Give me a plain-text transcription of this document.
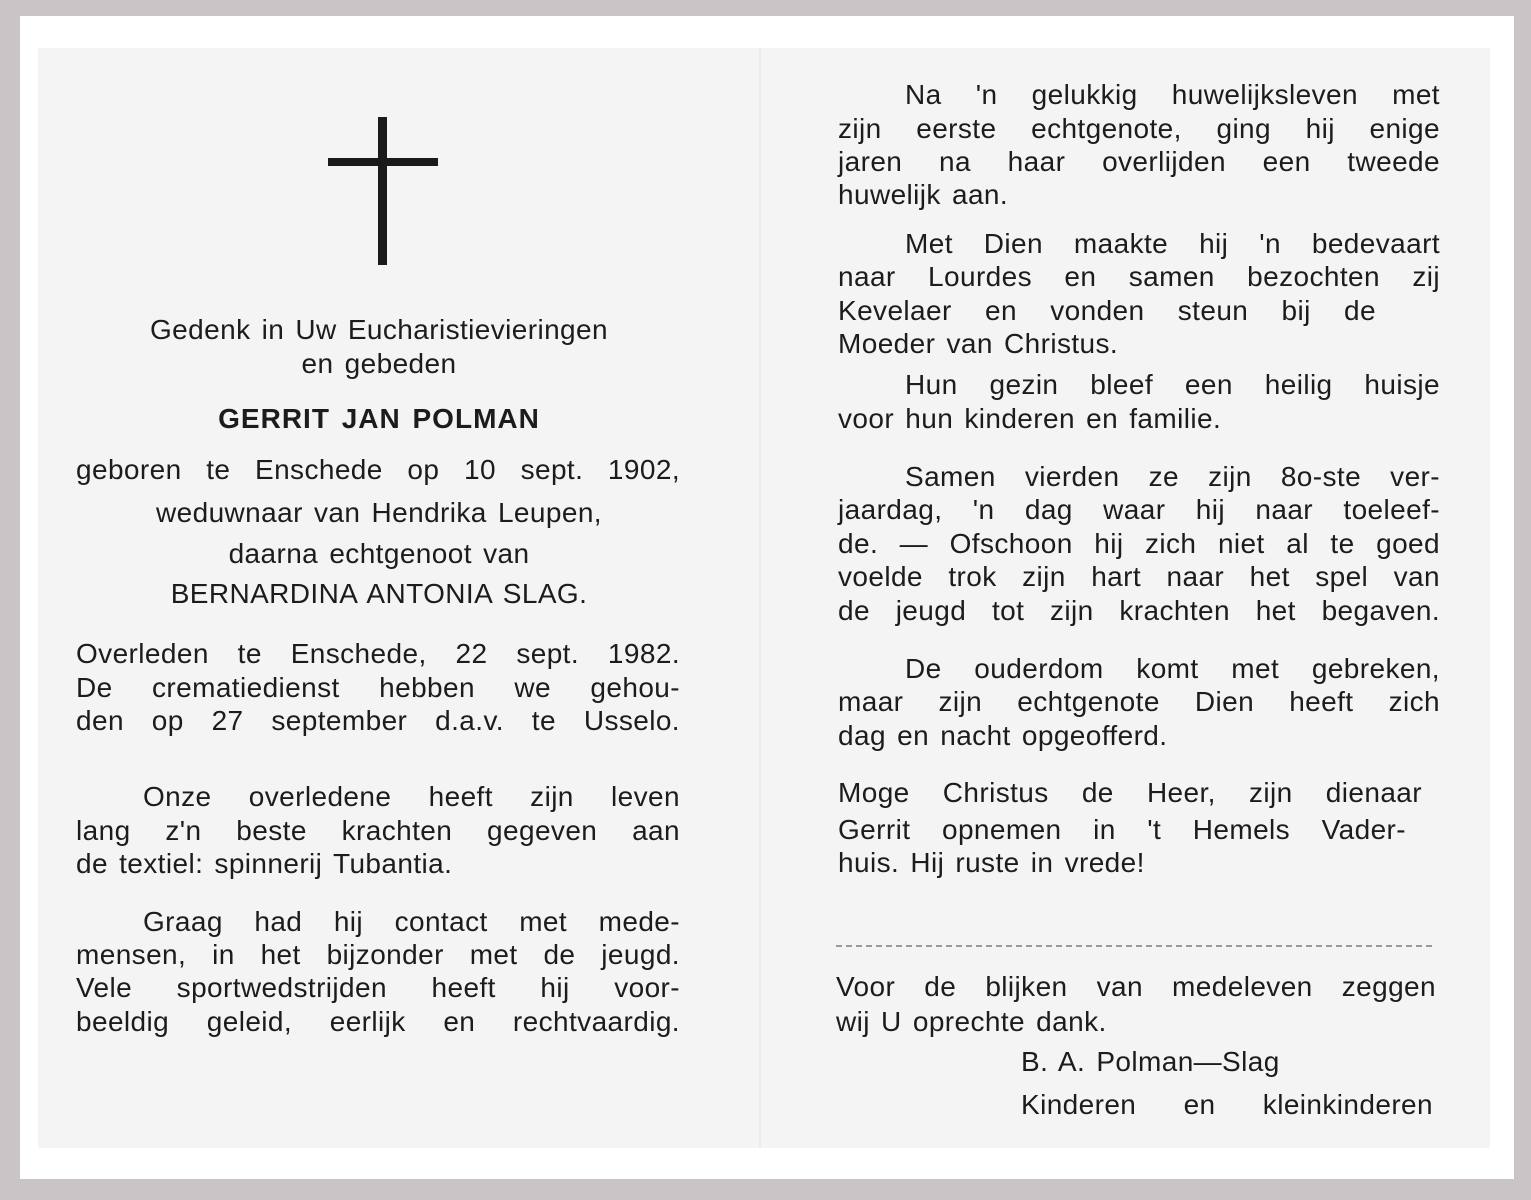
Gedenk in Uw Eucharistievieringen
en gebeden
GERRIT JAN POLMAN
geboren te Enschede op 10 sept. 1902,
weduwnaar van Hendrika Leupen,
daarna echtgenoot van
BERNARDINA ANTONIA SLAG.
Overleden te Enschede, 22 sept. 1982.
De crematiedienst hebben we gehou-
den op 27 september d.a.v. te Usselo.
Onze overledene heeft zijn leven
lang z'n beste krachten gegeven aan
de textiel: spinnerij Tubantia.
Graag had hij contact met mede-
mensen, in het bijzonder met de jeugd.
Vele sportwedstrijden heeft hij voor-
beeldig geleid, eerlijk en rechtvaardig.
Na 'n gelukkig huwelijksleven met
zijn eerste echtgenote, ging hij enige
jaren na haar overlijden een tweede
huwelijk aan.
Met Dien maakte hij 'n bedevaart
naar Lourdes en samen bezochten zij
Kevelaer en vonden steun bij de
Moeder van Christus.
Hun gezin bleef een heilig huisje
voor hun kinderen en familie.
Samen vierden ze zijn 8o-ste ver-
jaardag, 'n dag waar hij naar toeleef-
de. — Ofschoon hij zich niet al te goed
voelde trok zijn hart naar het spel van
de jeugd tot zijn krachten het begaven.
De ouderdom komt met gebreken,
maar zijn echtgenote Dien heeft zich
dag en nacht opgeofferd.
Moge Christus de Heer, zijn dienaar
Gerrit opnemen in 't Hemels Vader-
huis. Hij ruste in vrede!
Voor de blijken van medeleven zeggen
wij U oprechte dank.
B. A. Polman—Slag
Kinderen en kleinkinderen
